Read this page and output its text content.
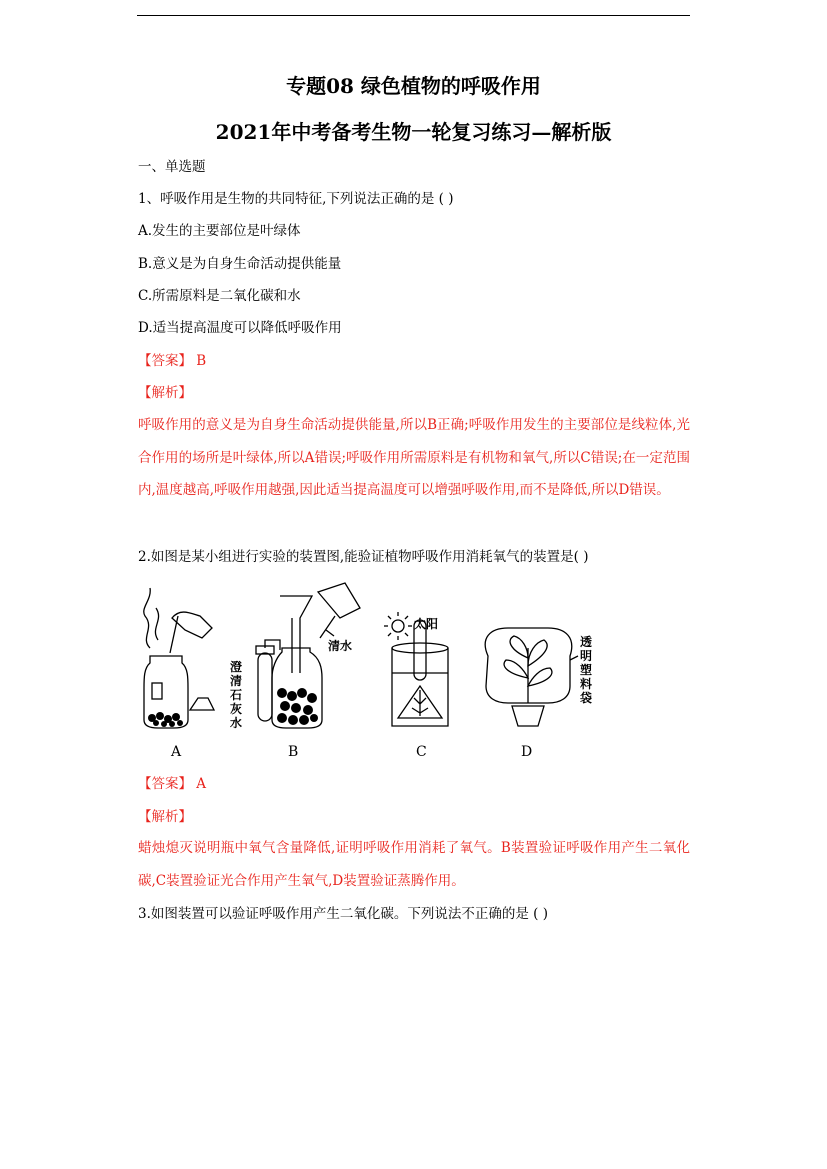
专题08 绿色植物的呼吸作用
2021年中考备考生物一轮复习练习—解析版
一、单选题
1、呼吸作用是生物的共同特征,下列说法正确的是 ( )
A.发生的主要部位是叶绿体
B.意义是为自身生命活动提供能量
C.所需原料是二氧化碳和水
D.适当提高温度可以降低呼吸作用
【答案】 B
【解析】
呼吸作用的意义是为自身生命活动提供能量,所以B正确;呼吸作用发生的主要部位是线粒体,光合作用的场所是叶绿体,所以A错误;呼吸作用所需原料是有机物和氧气,所以C错误;在一定范围内,温度越高,呼吸作用越强,因此适当提高温度可以增强呼吸作用,而不是降低,所以D错误。
2.如图是某小组进行实验的装置图,能验证植物呼吸作用消耗氧气的装置是( )
澄
清
石
灰
水
清水
太阳
透
明
塑
料
袋
A	B	C	D
【答案】 A
【解析】
蜡烛熄灭说明瓶中氧气含量降低,证明呼吸作用消耗了氧气。B装置验证呼吸作用产生二氧化碳,C装置验证光合作用产生氧气,D装置验证蒸腾作用。
3.如图装置可以验证呼吸作用产生二氧化碳。下列说法不正确的是 ( )
